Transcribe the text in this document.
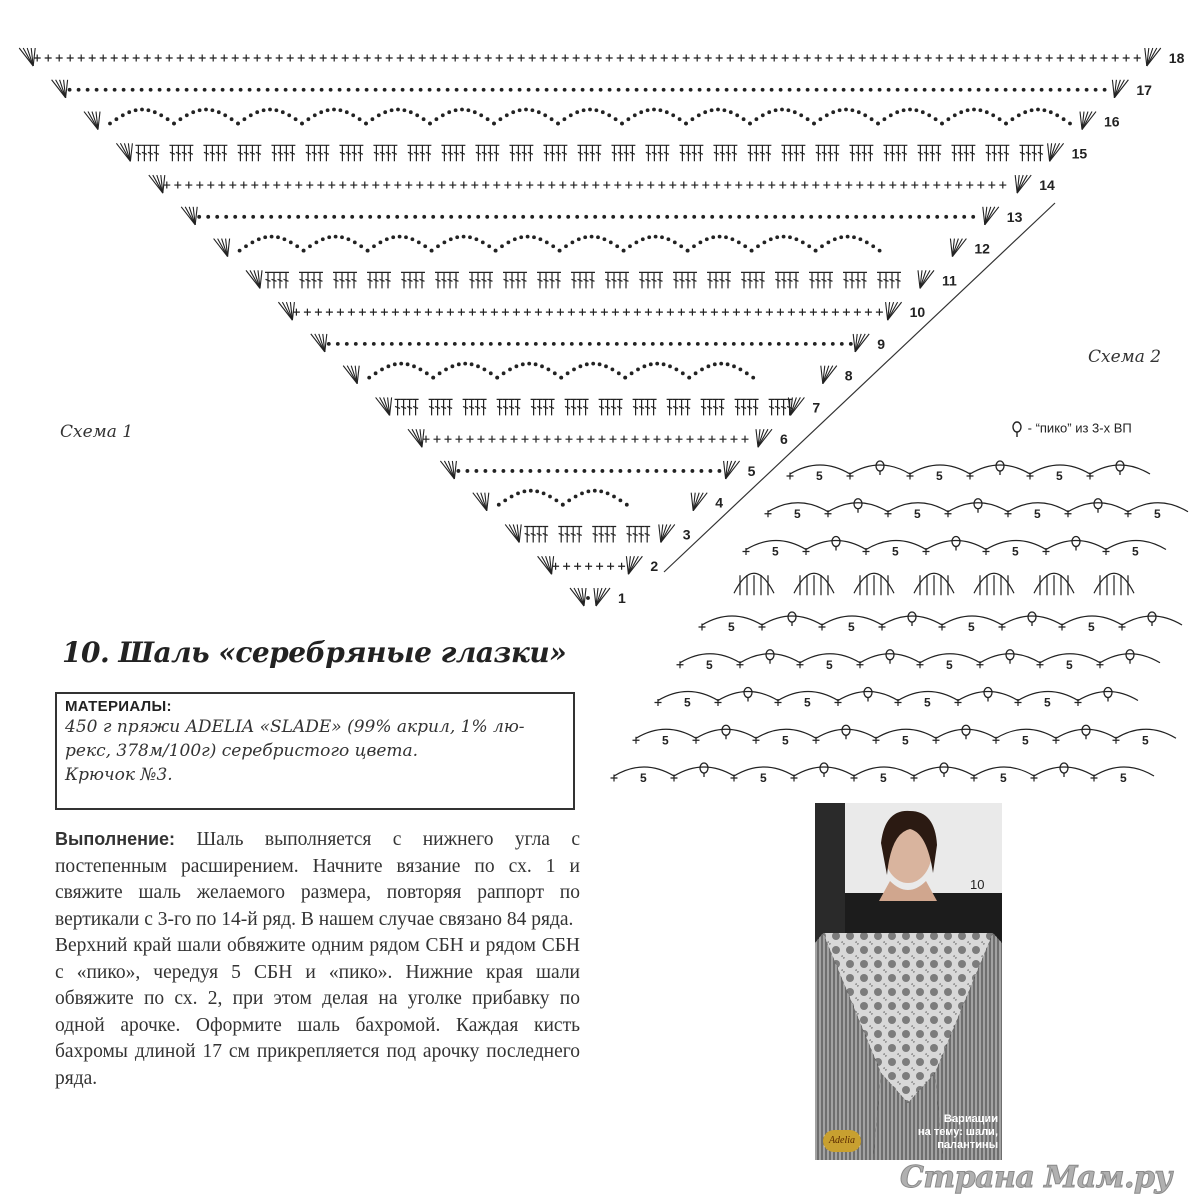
1
2
3
4
5
6
7
8
9
10
11
12
13
14
15
16
17
18
Схема 1
Схема 2
- “пико” из 3-х ВП
5	5	5
5	5	5	5
5	5	5	5
5	5	5	5
5	5	5	5
5	5	5	5
5	5	5	5	5
5	5	5	5	5
10. Шаль «серебряные глазки»
МАТЕРИАЛЫ:
450 г пряжи ADELIA «SLADE» (99% акрил, 1% лю-
рекс, 378м/100г) серебристого цвета.
Крючок №3.

Выполнение: Шаль выполняется с нижнего угла с постепенным расширением. Начните вязание по сх. 1 и свяжите шаль желаемого размера, повторяя раппорт по вертикали с 3-го по 14-й ряд. В нашем случае связано 84 ряда.

Верхний край шали обвяжите одним рядом СБН и рядом СБН с «пико», чередуя 5 СБН и «пико». Нижние края шали обвяжите по сх. 2, при этом делая на уголке прибавку по одной арочке. Оформите шаль бахромой. Каждая кисть бахромы длиной 17 см прикрепляется под арочку последнего ряда.

10
Adelia
Вариации
на тему: шали,
палантины
Страна Мам.ру
